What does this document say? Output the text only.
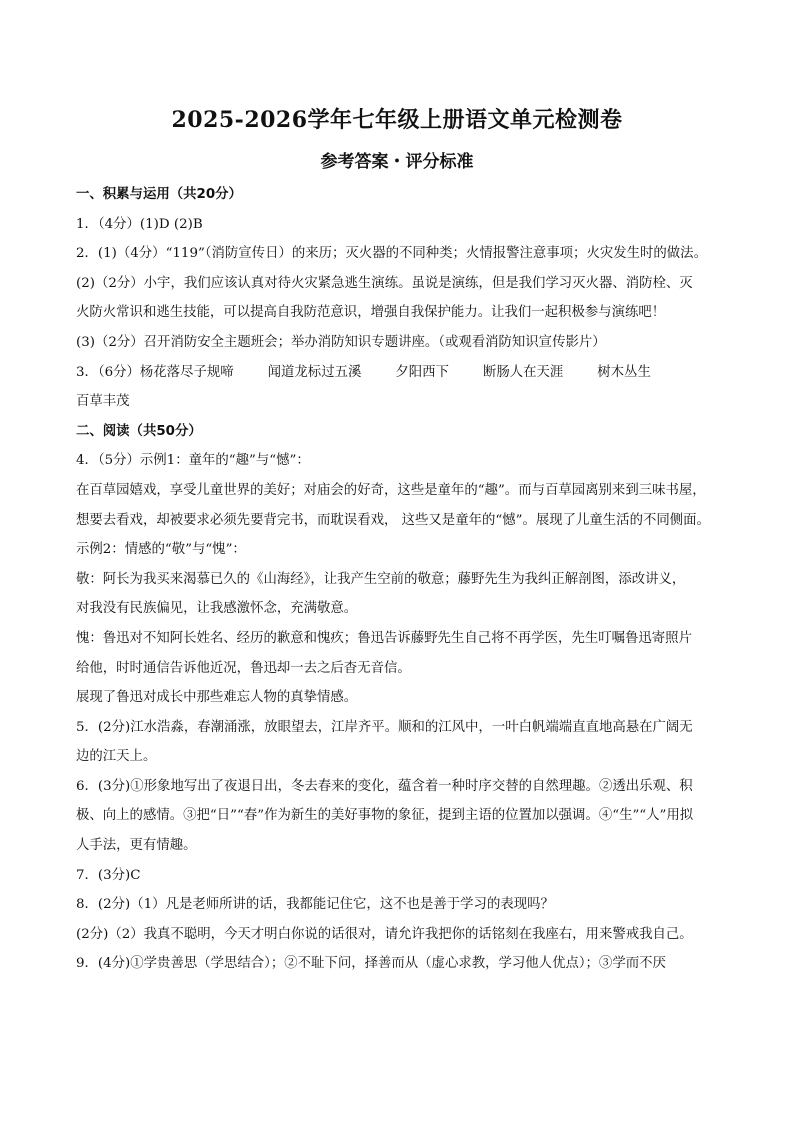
2025-2026学年七年级上册语文单元检测卷
参考答案・评分标准

一、积累与运用（共20分）

1．（4分）(1)D (2)B

2．(1)（4分）“119”（消防宣传日）的来历；灭火器的不同种类；火情报警注意事项；火灾发生时的做法。

(2)（2分）小宇，我们应该认真对待火灾紧急逃生演练。虽说是演练，但是我们学习灭火器、消防栓、灭

火防火常识和逃生技能，可以提高自我防范意识，增强自我保护能力。让我们一起积极参与演练吧！

(3)（2分）召开消防安全主题班会；举办消防知识专题讲座。（或观看消防知识宣传影片）

3．（6分）杨花落尽子规啼	闻道龙标过五溪	夕阳西下	断肠人在天涯	树木丛生

百草丰茂

二、阅读（共50分）

4．（5分）示例1：童年的“趣”与“憾”：

在百草园嬉戏，享受儿童世界的美好；对庙会的好奇，这些是童年的“趣”。而与百草园离别来到三味书屋，

想要去看戏，却被要求必须先要背完书，而耽误看戏， 这些又是童年的“憾”。展现了儿童生活的不同侧面。

示例2：情感的“敬”与“愧”：

敬：阿长为我买来渴慕已久的《山海经》，让我产生空前的敬意；藤野先生为我纠正解剖图，添改讲义，

对我没有民族偏见，让我感激怀念，充满敬意。

愧：鲁迅对不知阿长姓名、经历的歉意和愧疚；鲁迅告诉藤野先生自己将不再学医，先生叮嘱鲁迅寄照片

给他，时时通信告诉他近况，鲁迅却一去之后杳无音信。

展现了鲁迅对成长中那些难忘人物的真挚情感。

5．(2分)江水浩淼，春潮涌涨，放眼望去，江岸齐平。顺和的江风中，一叶白帆端端直直地高悬在广阔无

边的江天上。

6．(3分)①形象地写出了夜退日出，冬去春来的变化，蕴含着一种时序交替的自然理趣。②透出乐观、积

极、向上的感情。③把“日”“春”作为新生的美好事物的象征，提到主语的位置加以强调。④“生”“人”用拟

人手法，更有情趣。

7．(3分)C

8．(2分)（1）凡是老师所讲的话，我都能记住它，这不也是善于学习的表现吗？

(2分)（2）我真不聪明，今天才明白你说的话很对，请允许我把你的话铭刻在我座右，用来警戒我自己。

9．(4分)①学贵善思（学思结合）；②不耻下问，择善而从（虚心求教，学习他人优点）；③学而不厌
